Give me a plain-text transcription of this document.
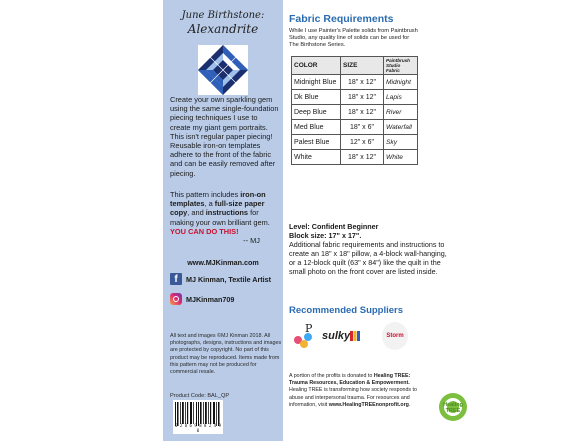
June Birthstone:
Alexandrite
Create your own sparkling gem using the same single-foundation piecing techniques I use to create my giant gem portraits. This isn't regular paper piecing! Reusable iron-on templates adhere to the front of the fabric and can be easily removed after piecing.
This pattern includes iron-on templates, a full-size paper copy, and instructions for making your own brilliant gem. YOU CAN DO THIS!
-- MJ
www.MJKinman.com
f	MJ Kinman, Textile Artist
MJKinman709
All text and images ©MJ Kinman 2018. All photographs, designs, instructions and images are protected by copyright. No part of this product may be reproduced. Items made from this pattern may not be produced for commercial resale.
Product Code: BAL_QP
0 2 8 6 9 8 8 2 4 9 0
Fabric Requirements
While I use Painter's Palette solids from Paintbrush Studio, any quality line of solids can be used for The Birthstone Series.
COLOR	SIZE	Paintbrush Studio Fabric
Midnight Blue	18" x 12"	Midnight
Dk Blue	18" x 12"	Lapis
Deep Blue	18" x 12"	River
Med Blue	18" x 6"	Waterfall
Palest Blue	12" x 6"	Sky
White	18" x 12"	White
Level: Confident Beginner
Block size: 17" x 17".
Additional fabric requirements and instructions to create an 18" x 18" pillow, a 4-block wall-hanging, or a 12-block quilt (63" x 84") like the quilt in the small photo on the front cover are listed inside.
Recommended Suppliers
P
sulky	Storm
A portion of the profits is donated to Healing TREE: Trauma Resources, Education & Empowerment. Healing TREE is transforming how society responds to abuse and interpersonal trauma. For resources and information, visit www.HealingTREEnonprofit.org.	Healing
TREE
